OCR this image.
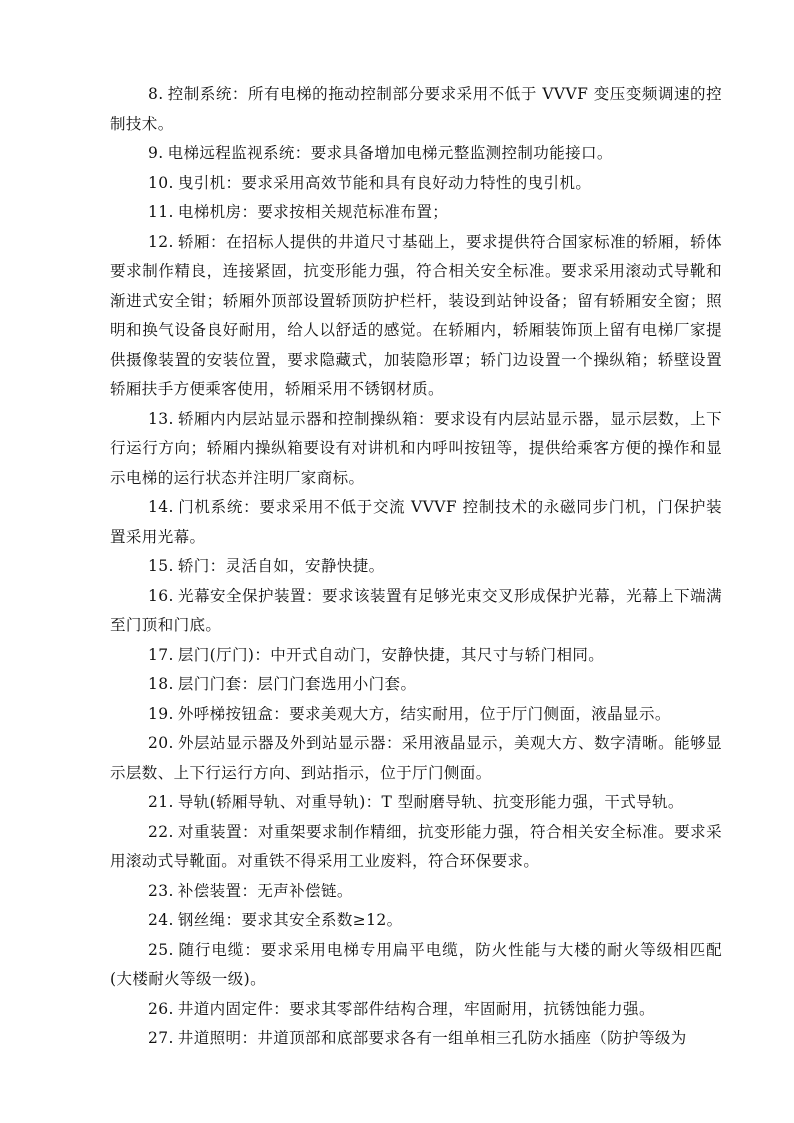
8. 控制系统：所有电梯的拖动控制部分要求采用不低于 VVVF 变压变频调速的控制技术。

9. 电梯远程监视系统：要求具备增加电梯元整监测控制功能接口。

10. 曳引机：要求采用高效节能和具有良好动力特性的曳引机。

11. 电梯机房：要求按相关规范标准布置；

12. 轿厢：在招标人提供的井道尺寸基础上，要求提供符合国家标准的轿厢，轿体要求制作精良，连接紧固，抗变形能力强，符合相关安全标准。要求采用滚动式导靴和渐进式安全钳；轿厢外顶部设置轿顶防护栏杆，装设到站钟设备；留有轿厢安全窗；照明和换气设备良好耐用，给人以舒适的感觉。在轿厢内，轿厢装饰顶上留有电梯厂家提供摄像装置的安装位置，要求隐藏式，加装隐形罩；轿门边设置一个操纵箱；轿壁设置轿厢扶手方便乘客使用，轿厢采用不锈钢材质。

13. 轿厢内内层站显示器和控制操纵箱：要求设有内层站显示器，显示层数，上下行运行方向；轿厢内操纵箱要设有对讲机和内呼叫按钮等，提供给乘客方便的操作和显示电梯的运行状态并注明厂家商标。

14. 门机系统：要求采用不低于交流 VVVF 控制技术的永磁同步门机，门保护装置采用光幕。

15. 轿门：灵活自如，安静快捷。

16. 光幕安全保护装置：要求该装置有足够光束交叉形成保护光幕，光幕上下端满至门顶和门底。

17. 层门(厅门)：中开式自动门，安静快捷，其尺寸与轿门相同。

18. 层门门套：层门门套选用小门套。

19. 外呼梯按钮盒：要求美观大方，结实耐用，位于厅门侧面，液晶显示。

20. 外层站显示器及外到站显示器：采用液晶显示，美观大方、数字清晰。能够显示层数、上下行运行方向、到站指示，位于厅门侧面。

21. 导轨(轿厢导轨、对重导轨)：T 型耐磨导轨、抗变形能力强，干式导轨。

22. 对重装置：对重架要求制作精细，抗变形能力强，符合相关安全标准。要求采用滚动式导靴面。对重铁不得采用工业废料，符合环保要求。

23. 补偿装置：无声补偿链。

24. 钢丝绳：要求其安全系数≥12。

25. 随行电缆：要求采用电梯专用扁平电缆，防火性能与大楼的耐火等级相匹配(大楼耐火等级一级)。

26. 井道内固定件：要求其零部件结构合理，牢固耐用，抗锈蚀能力强。

27. 井道照明：井道顶部和底部要求各有一组单相三孔防水插座（防护等级为
